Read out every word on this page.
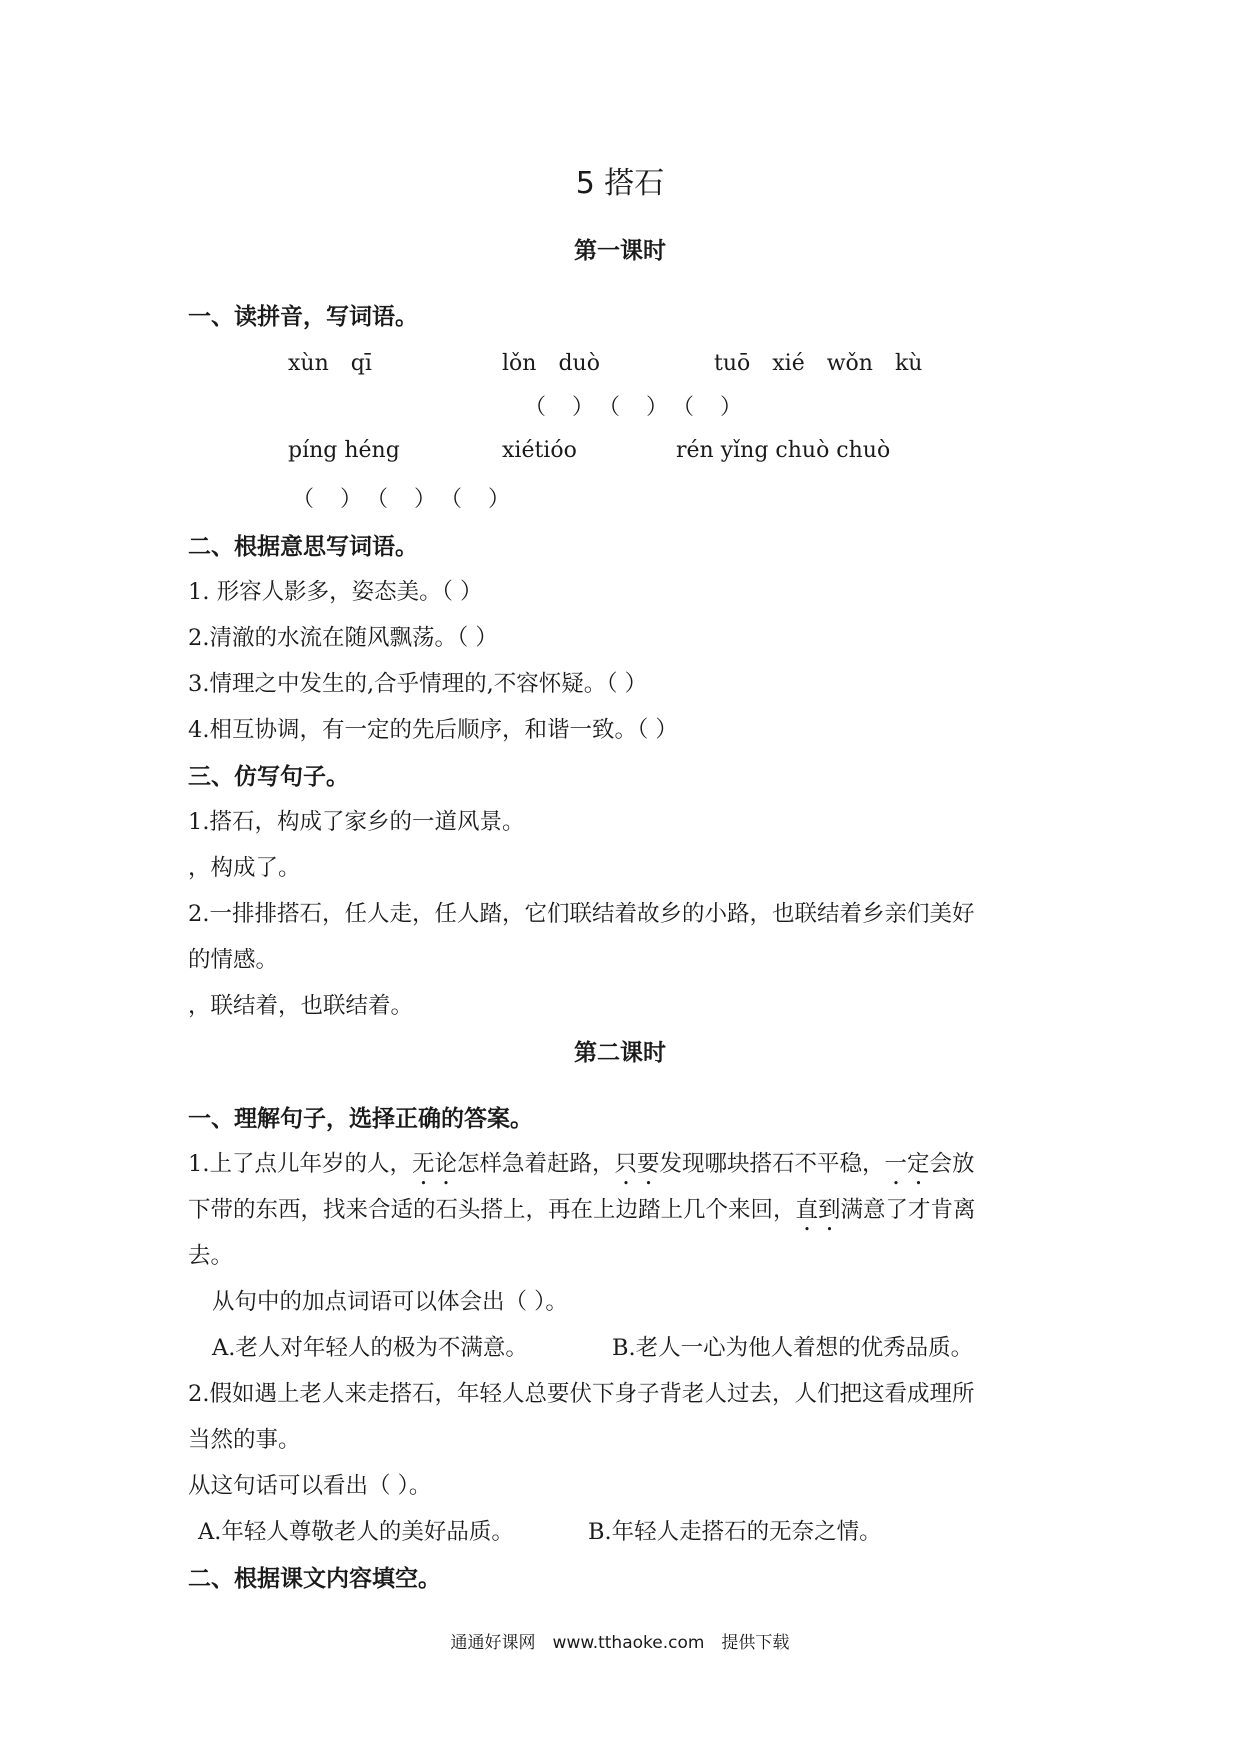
5 搭石
第一课时
一、读拼音，写词语。
xùn　qī	lǒn　duò	tuō　xié　wǒn　kù
（　）　（　）　（　）
píng héng	xiétióo	rén yǐng chuò chuò
（　）　（　）　（　）
二、根据意思写词语。
1. 形容人影多，姿态美。（ ）
2.清澈的水流在随风飘荡。（ ）
3.情理之中发生的,合乎情理的,不容怀疑。（ ）
4.相互协调，有一定的先后顺序，和谐一致。（ ）
三、仿写句子。
1.搭石，构成了家乡的一道风景。
，构成了。
2.一排排搭石，任人走，任人踏，它们联结着故乡的小路，也联结着乡亲们美好
的情感。
，联结着，也联结着。
第二课时
一、理解句子，选择正确的答案。
1.上了点儿年岁的人，无论怎样急着赶路，只要发现哪块搭石不平稳，一定会放
下带的东西，找来合适的石头搭上，再在上边踏上几个来回，直到满意了才肯离
去。
从句中的加点词语可以体会出（ ）。
A.老人对年轻人的极为不满意。	B.老人一心为他人着想的优秀品质。
2.假如遇上老人来走搭石，年轻人总要伏下身子背老人过去，人们把这看成理所
当然的事。
从这句话可以看出（ ）。
A.年轻人尊敬老人的美好品质。	B.年轻人走搭石的无奈之情。
二、根据课文内容填空。
通通好课网　www.tthaoke.com　提供下载
